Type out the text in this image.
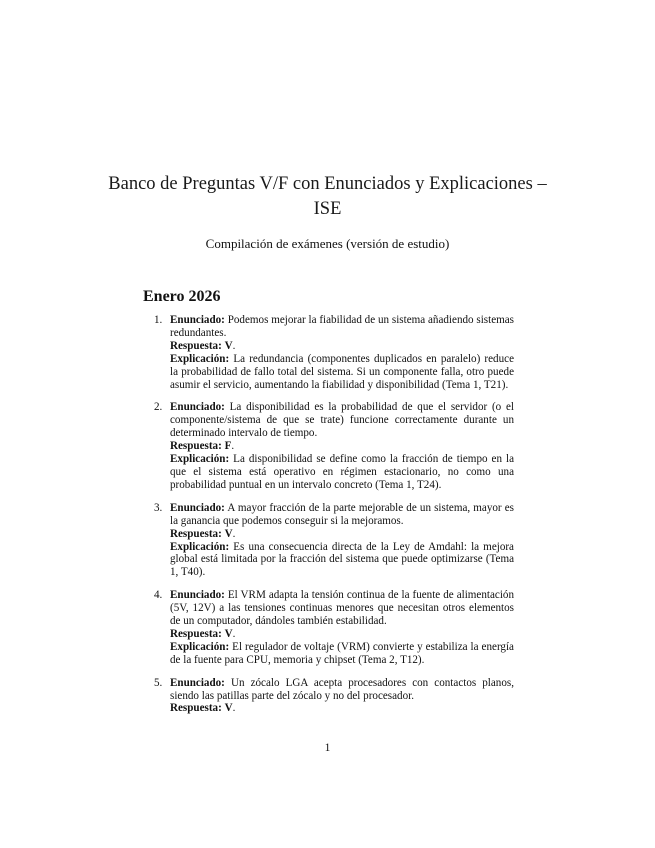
Banco de Preguntas V/F con Enunciados y Explicaciones – ISE
Compilación de exámenes (versión de estudio)
Enero 2026
1. Enunciado: Podemos mejorar la fiabilidad de un sistema añadiendo sistemas redundantes.
Respuesta: V.
Explicación: La redundancia (componentes duplicados en paralelo) reduce la probabilidad de fallo total del sistema. Si un componente falla, otro puede asumir el servicio, aumentando la fiabilidad y disponibilidad (Tema 1, T21).
2. Enunciado: La disponibilidad es la probabilidad de que el servidor (o el componente/sistema de que se trate) funcione correctamente durante un determinado intervalo de tiempo.
Respuesta: F.
Explicación: La disponibilidad se define como la fracción de tiempo en la que el sistema está operativo en régimen estacionario, no como una probabilidad puntual en un intervalo concreto (Tema 1, T24).
3. Enunciado: A mayor fracción de la parte mejorable de un sistema, mayor es la ganancia que podemos conseguir si la mejoramos.
Respuesta: V.
Explicación: Es una consecuencia directa de la Ley de Amdahl: la mejora global está limitada por la fracción del sistema que puede optimizarse (Tema 1, T40).
4. Enunciado: El VRM adapta la tensión continua de la fuente de alimentación (5V, 12V) a las tensiones continuas menores que necesitan otros elementos de un computador, dándoles también estabilidad.
Respuesta: V.
Explicación: El regulador de voltaje (VRM) convierte y estabiliza la energía de la fuente para CPU, memoria y chipset (Tema 2, T12).
5. Enunciado: Un zócalo LGA acepta procesadores con contactos planos, siendo las patillas parte del zócalo y no del procesador.
Respuesta: V.
1
